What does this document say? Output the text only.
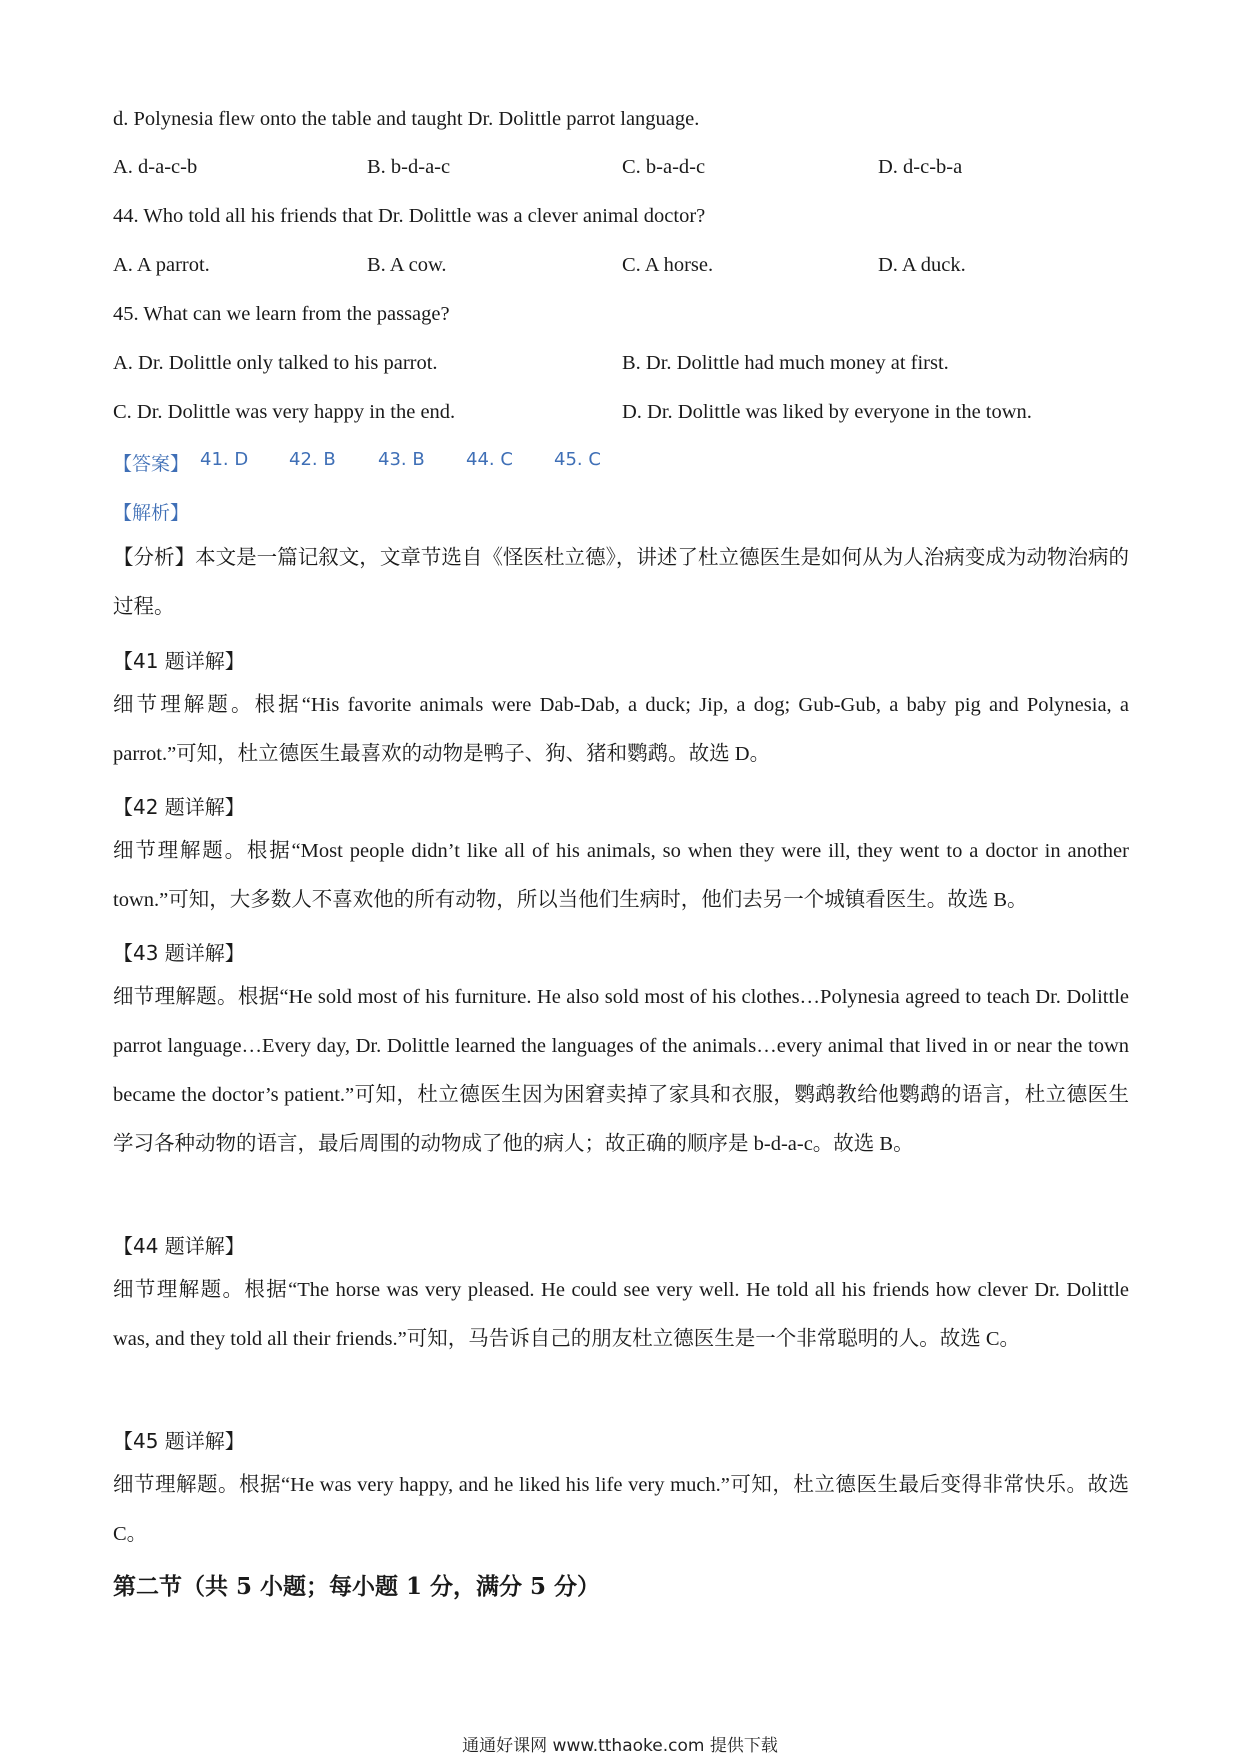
d. Polynesia flew onto the table and taught Dr. Dolittle parrot language.
A. d-a-c-b	B. b-d-a-c	C. b-a-d-c	D. d-c-b-a
44. Who told all his friends that Dr. Dolittle was a clever animal doctor?
A. A parrot.	B. A cow.	C. A horse.	D. A duck.
45. What can we learn from the passage?
A. Dr. Dolittle only talked to his parrot.	B. Dr. Dolittle had much money at first.
C. Dr. Dolittle was very happy in the end.	D. Dr. Dolittle was liked by everyone in the town.
【答案】 41. D 42. B 43. B 44. C 45. C
【解析】
【分析】本文是一篇记叙文，文章节选自《怪医杜立德》，讲述了杜立德医生是如何从为人治病变成为动物治病的过程。
【41 题详解】
细节理解题。根据“His favorite animals were Dab-Dab, a duck; Jip, a dog; Gub-Gub, a baby pig and Polynesia, a parrot.”可知，杜立德医生最喜欢的动物是鸭子、狗、猪和鹦鹉。故选 D。
【42 题详解】
细节理解题。根据“Most people didn’t like all of his animals, so when they were ill, they went to a doctor in another town.”可知，大多数人不喜欢他的所有动物，所以当他们生病时，他们去另一个城镇看医生。故选 B。
【43 题详解】
细节理解题。根据“He sold most of his furniture. He also sold most of his clothes…Polynesia agreed to teach Dr. Dolittle parrot language…Every day, Dr. Dolittle learned the languages of the animals…every animal that lived in or near the town became the doctor’s patient.”可知，杜立德医生因为困窘卖掉了家具和衣服，鹦鹉教给他鹦鹉的语言，杜立德医生学习各种动物的语言，最后周围的动物成了他的病人；故正确的顺序是 b-d-a-c。故选 B。
【44 题详解】
细节理解题。根据“The horse was very pleased. He could see very well. He told all his friends how clever Dr. Dolittle was, and they told all their friends.”可知，马告诉自己的朋友杜立德医生是一个非常聪明的人。故选 C。
【45 题详解】
细节理解题。根据“He was very happy, and he liked his life very much.”可知，杜立德医生最后变得非常快乐。故选 C。
第二节（共 5 小题；每小题 1 分，满分 5 分）
通通好课网 www.tthaoke.com 提供下载
